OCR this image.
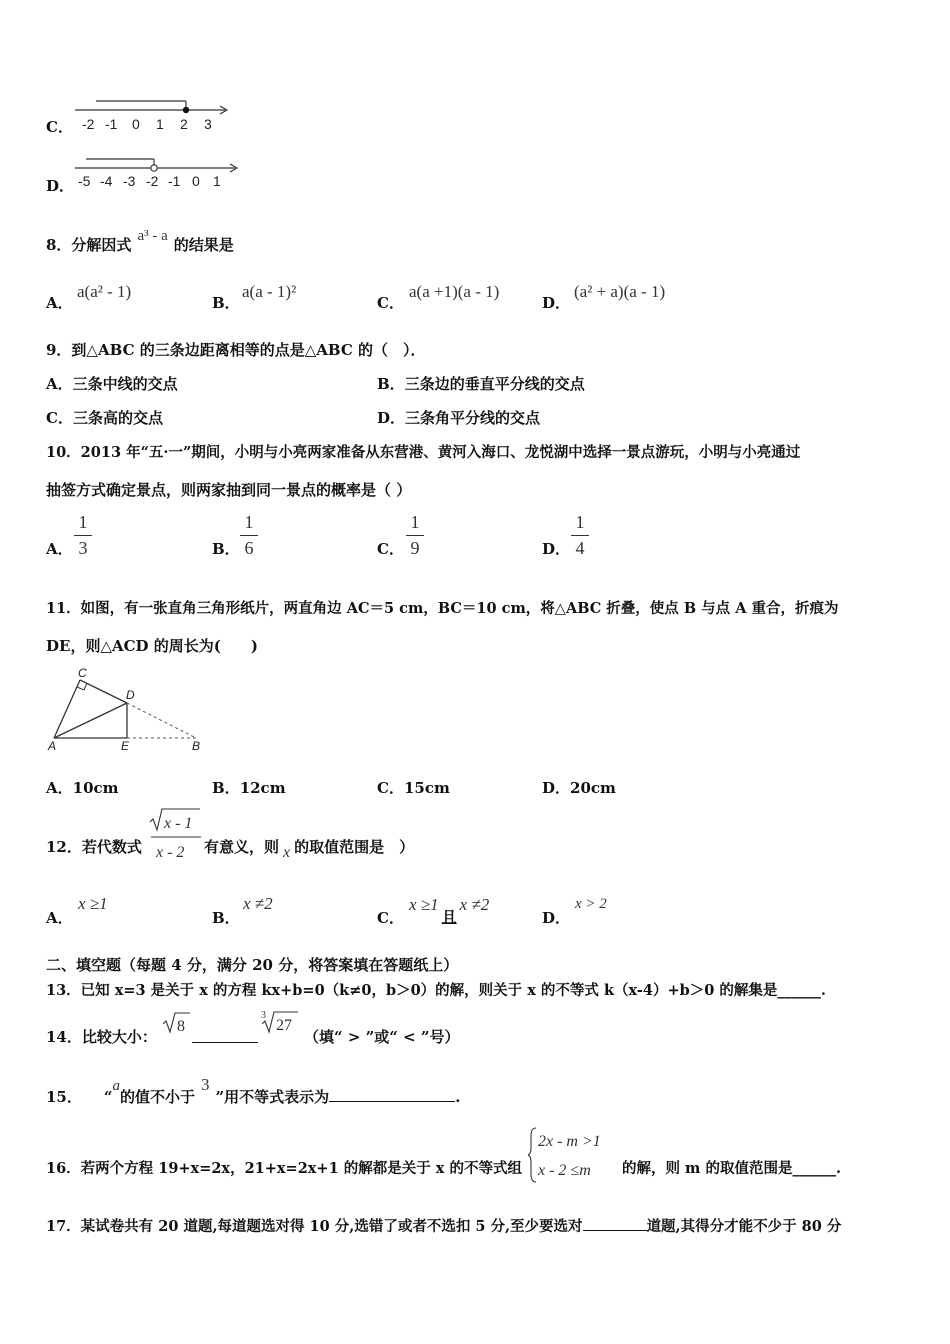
C． -2 -1 0 1 2 3
D． -5 -4 -3 -2 -1 0 1
8．分解因式 a³ - a 的结果是
A．
a(a² - 1)
B．
a(a - 1)²
C．
a(a +1)(a - 1)
D．
(a² + a)(a - 1)
9．到△ABC 的三条边距离相等的点是△ABC 的（　）．
A．三条中线的交点	B．三条边的垂直平分线的交点
C．三条高的交点	D．三条角平分线的交点
10．2013 年“五·一”期间，小明与小亮两家准备从东营港、黄河入海口、龙悦湖中选择一景点游玩，小明与小亮通过
抽签方式确定景点，则两家抽到同一景点的概率是（ ）
A．
1
3	B．
1
6	C．
1
9	D．
1
4
11．如图，有一张直角三角形纸片，两直角边 AC＝5 cm，BC＝10 cm，将△ABC 折叠，使点 B 与点 A 重合，折痕为
DE，则△ACD 的周长为(　　)
C
D
A	E	B
A．10cm	B．12cm	C．15cm	D．20cm
12．若代数式
x - 1
x - 2 有意义，则 x 的取值范围是　）
A．
x ≥1
B．
x ≠2
C．
x ≥1且x ≠2
D．
x > 2
二、填空题（每题 4 分，满分 20 分，将答案填在答题纸上）
13．已知 x=3 是关于 x 的方程 kx+b=0（k≠0，b＞0）的解，则关于 x 的不等式 k（x-4）+b＞0 的解集是______.
14．比较大小：
8
3
27
（填“ > ”或“ < ”号）
15． “a的值不小于3”用不等式表示为	.
16．若两个方程 19+x=2x，21+x=2x+1 的解都是关于 x 的不等式组
2x - m >1
x - 2 ≤m 的解，则 m 的取值范围是______.
17．某试卷共有 20 道题,每道题选对得 10 分,选错了或者不选扣 5 分,至少要选对	道题,其得分才能不少于 80 分
